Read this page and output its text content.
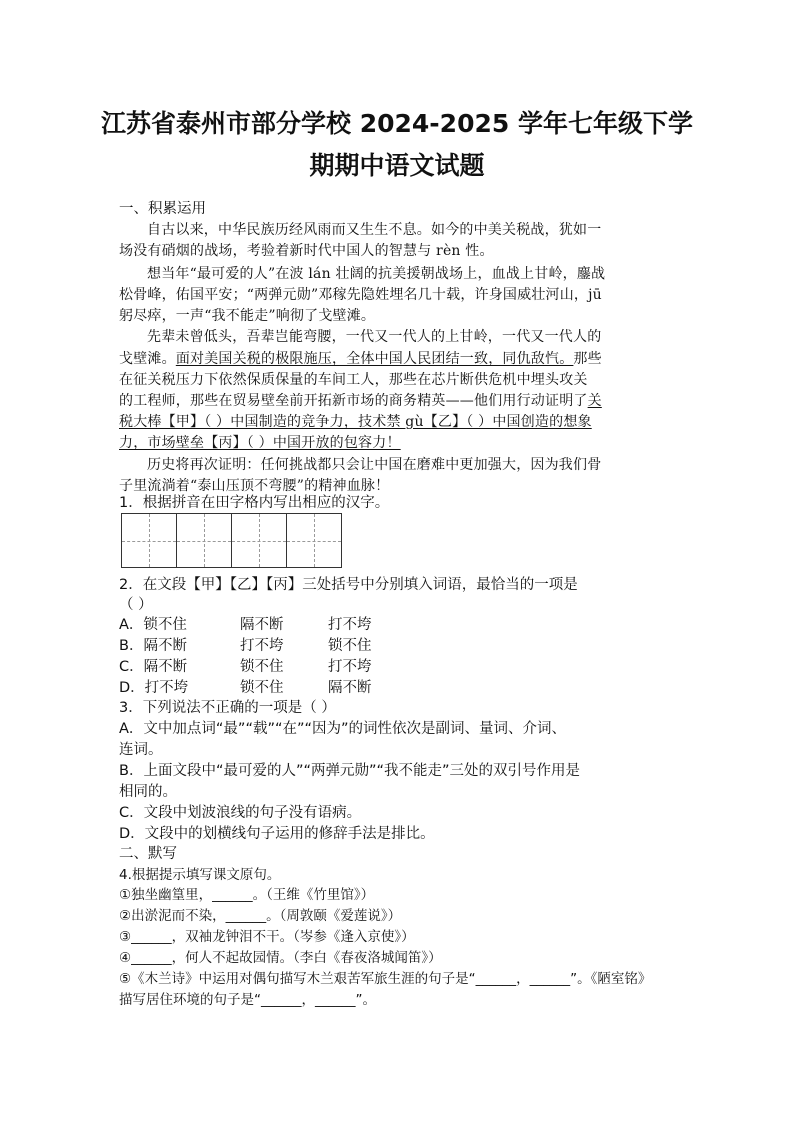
江苏省泰州市部分学校 2024-2025 学年七年级下学
期期中语文试题
一、积累运用
自古以来，中华民族历经风雨而又生生不息。如今的中美关税战，犹如一
场没有硝烟的战场，考验着新时代中国人的智慧与 rèn 性。
想当年“最可爱的人”在波 lán 壮阔的抗美援朝战场上，血战上甘岭，鏖战
松骨峰，佑国平安；“两弹元勋”邓稼先隐姓埋名几十载，许身国威壮河山，jū
躬尽瘁，一声“我不能走”响彻了戈壁滩。
先辈未曾低头，吾辈岂能弯腰，一代又一代人的上甘岭，一代又一代人的
戈壁滩。面对美国关税的极限施压，全体中国人民团结一致，同仇敌忾。那些
在征关税压力下依然保质保量的车间工人，那些在芯片断供危机中埋头攻关
的工程师，那些在贸易壁垒前开拓新市场的商务精英——他们用行动证明了关
税大棒【甲】（ ）中国制造的竞争力，技术禁 gù【乙】（ ）中国创造的想象
力，市场壁垒【丙】（ ）中国开放的包容力！
历史将再次证明：任何挑战都只会让中国在磨难中更加强大，因为我们骨
子里流淌着“泰山压顶不弯腰”的精神血脉！
1．根据拼音在田字格内写出相应的汉字。
2．在文段【甲】【乙】【丙】三处括号中分别填入词语，最恰当的一项是
（ ）
A．锁不住	隔不断	打不垮
B．隔不断	打不垮	锁不住
C．隔不断	锁不住	打不垮
D．打不垮	锁不住	隔不断
3．下列说法不正确的一项是（ ）
A．文中加点词“最”“载”“在”“因为”的词性依次是副词、量词、介词、
连词。
B．上面文段中“最可爱的人”“两弹元勋”“我不能走”三处的双引号作用是
相同的。
C．文段中划波浪线的句子没有语病。
D．文段中的划横线句子运用的修辞手法是排比。
二、默写
4.根据提示填写课文原句。
①独坐幽篁里，______。（王维《竹里馆》）
②出淤泥而不染，______。（周敦颐《爱莲说》）
③______，双袖龙钟泪不干。（岑参《逢入京使》）
④______，何人不起故园情。（李白《春夜洛城闻笛》）
⑤《木兰诗》中运用对偶句描写木兰艰苦军旅生涯的句子是“______，______”。《陋室铭》
描写居住环境的句子是“______，______”。
